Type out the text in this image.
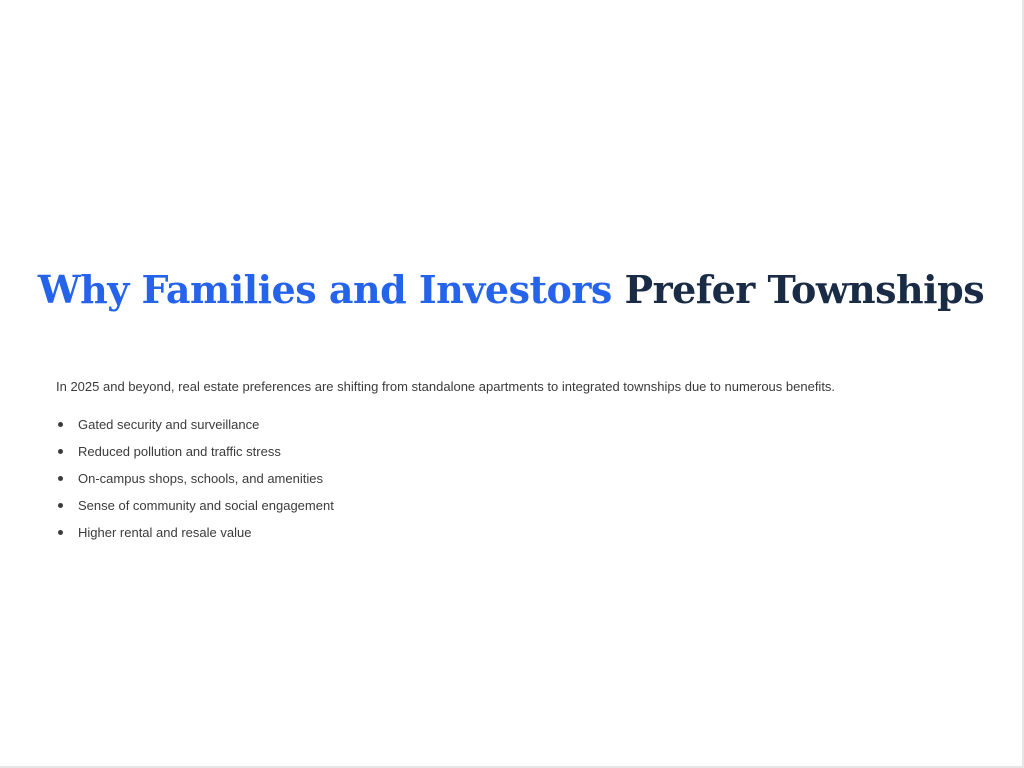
Why Families and Investors Prefer Townships

In 2025 and beyond, real estate preferences are shifting from standalone apartments to integrated townships due to numerous benefits.

Gated security and surveillance
Reduced pollution and traffic stress
On-campus shops, schools, and amenities
Sense of community and social engagement
Higher rental and resale value
